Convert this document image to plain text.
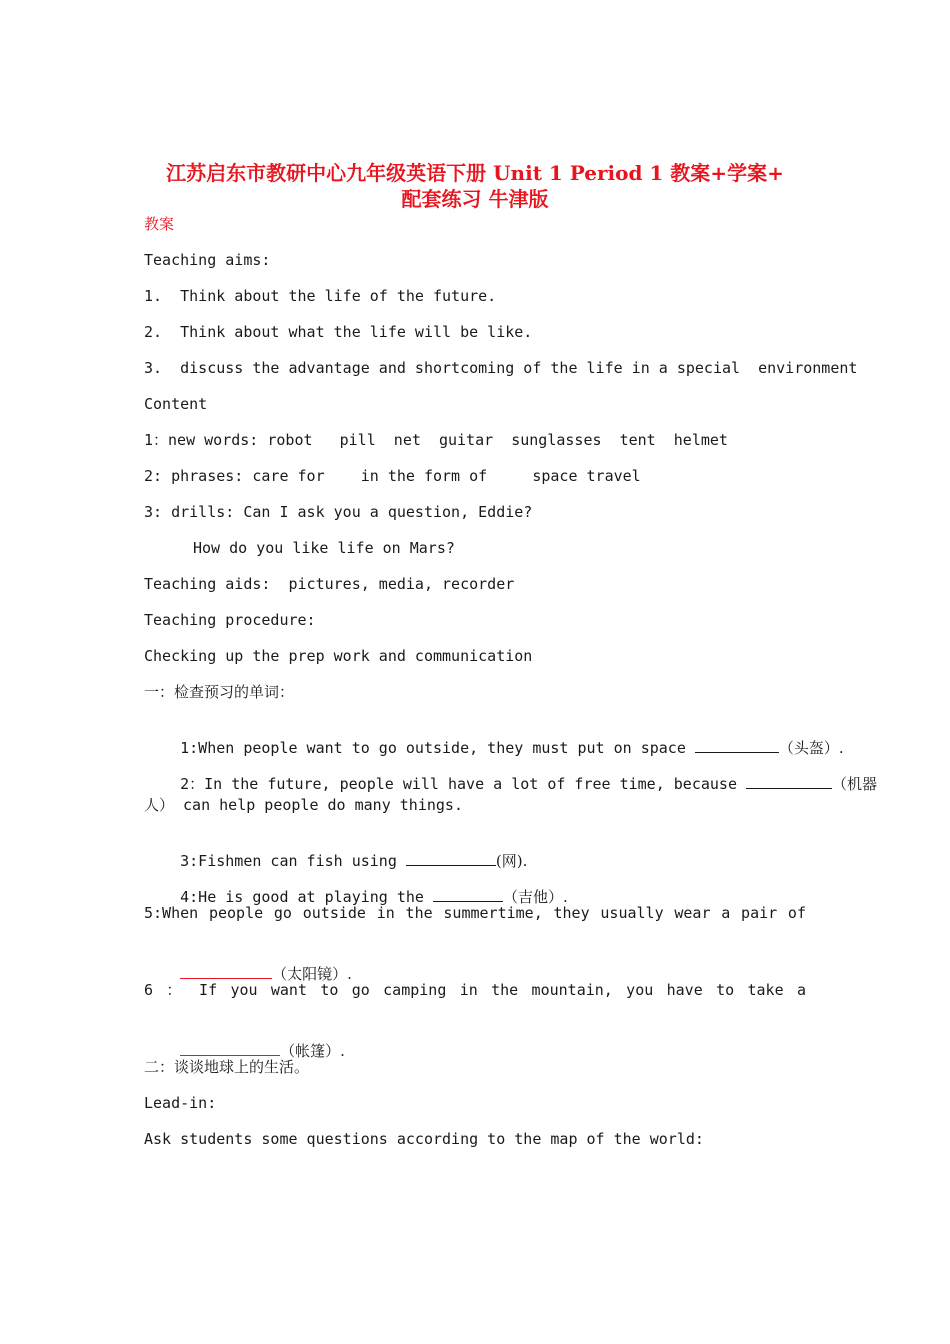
江苏启东市教研中心九年级英语下册 Unit 1 Period 1 教案+学案+
配套练习 牛津版
教案
Teaching aims:
1.  Think about the life of the future.
2.  Think about what the life will be like.
3.  discuss the advantage and shortcoming of the life in a special  environment
Content
1：new words: robot   pill  net  guitar  sunglasses  tent  helmet
2: phrases: care for    in the form of     space travel
3: drills: Can I ask you a question, Eddie?
How do you like life on Mars?
Teaching aids:  pictures, media, recorder
Teaching procedure:
Checking up the prep work and communication
一：检查预习的单词：

1:When people want to go outside, they must put on space	（头盔）.

2：In the future, people will have a lot of free time, because	（机器

人） can help people do many things.

3:Fishmen can fish using	(网).

4:He is good at playing the	（吉他）.

5:When people go outside in the summertime, they usually wear a pair of

（太阳镜）.

6 ： If you want to go camping in the mountain, you have to take a

（帐篷）.

二：谈谈地球上的生活。
Lead-in:
Ask students some questions according to the map of the world:
